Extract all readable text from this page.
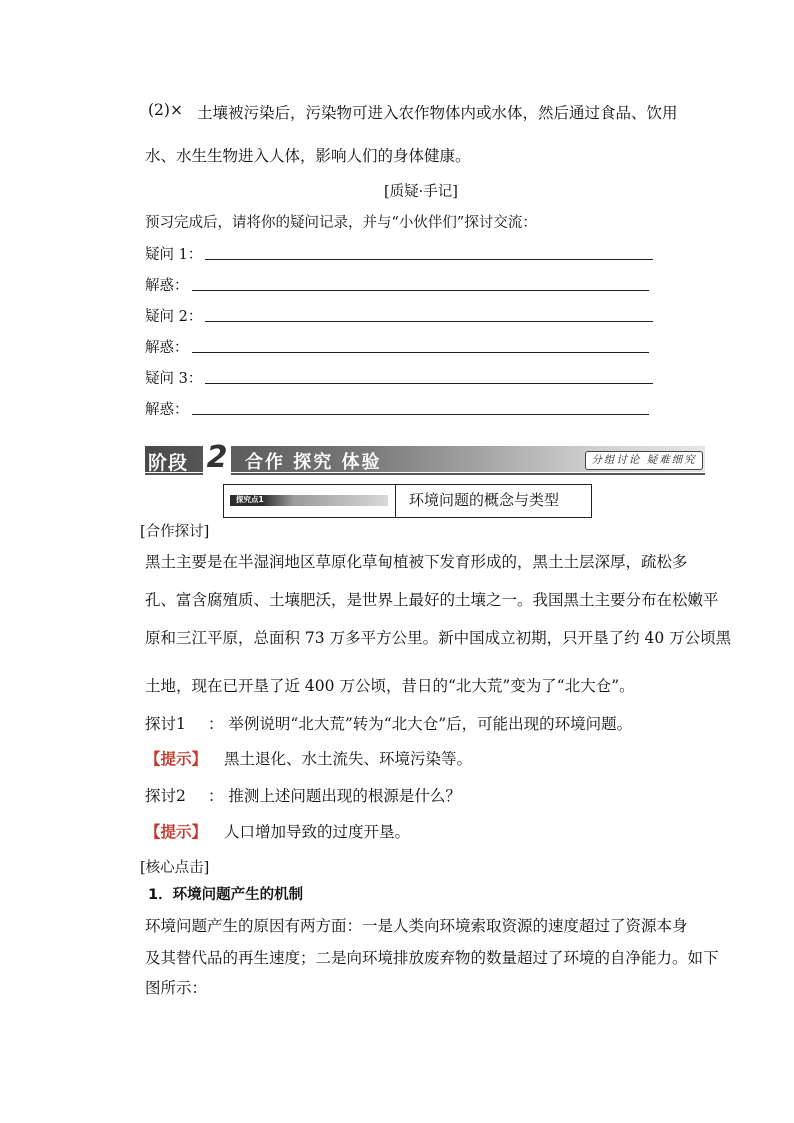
(2)× 土壤被污染后，污染物可进入农作物体内或水体，然后通过食品、饮用
水、水生生物进入人体，影响人们的身体健康。
[质疑·手记]
预习完成后，请将你的疑问记录，并与“小伙伴们”探讨交流：
疑问 1：
解惑：
疑问 2：
解惑：
疑问 3：
解惑：
阶段 2 合作 探究 体验	分组讨论 疑难细究
探究点1	环境问题的概念与类型
[合作探讨]
黑土主要是在半湿润地区草原化草甸植被下发育形成的，黑土土层深厚，疏松多
孔、富含腐殖质、土壤肥沃，是世界上最好的土壤之一。我国黑土主要分布在松嫩平
原和三江平原，总面积 73 万多平方公里。新中国成立初期，只开垦了约 40 万公顷黑
土地，现在已开垦了近 400 万公顷，昔日的“北大荒”变为了“北大仓”。
探讨1 ： 举例说明“北大荒”转为“北大仓”后，可能出现的环境问题。
【提示】 黑土退化、水土流失、环境污染等。
探讨2 ： 推测上述问题出现的根源是什么？
【提示】 人口增加导致的过度开垦。
[核心点击]
1．环境问题产生的机制
环境问题产生的原因有两方面：一是人类向环境索取资源的速度超过了资源本身
及其替代品的再生速度；二是向环境排放废弃物的数量超过了环境的自净能力。如下
图所示：
